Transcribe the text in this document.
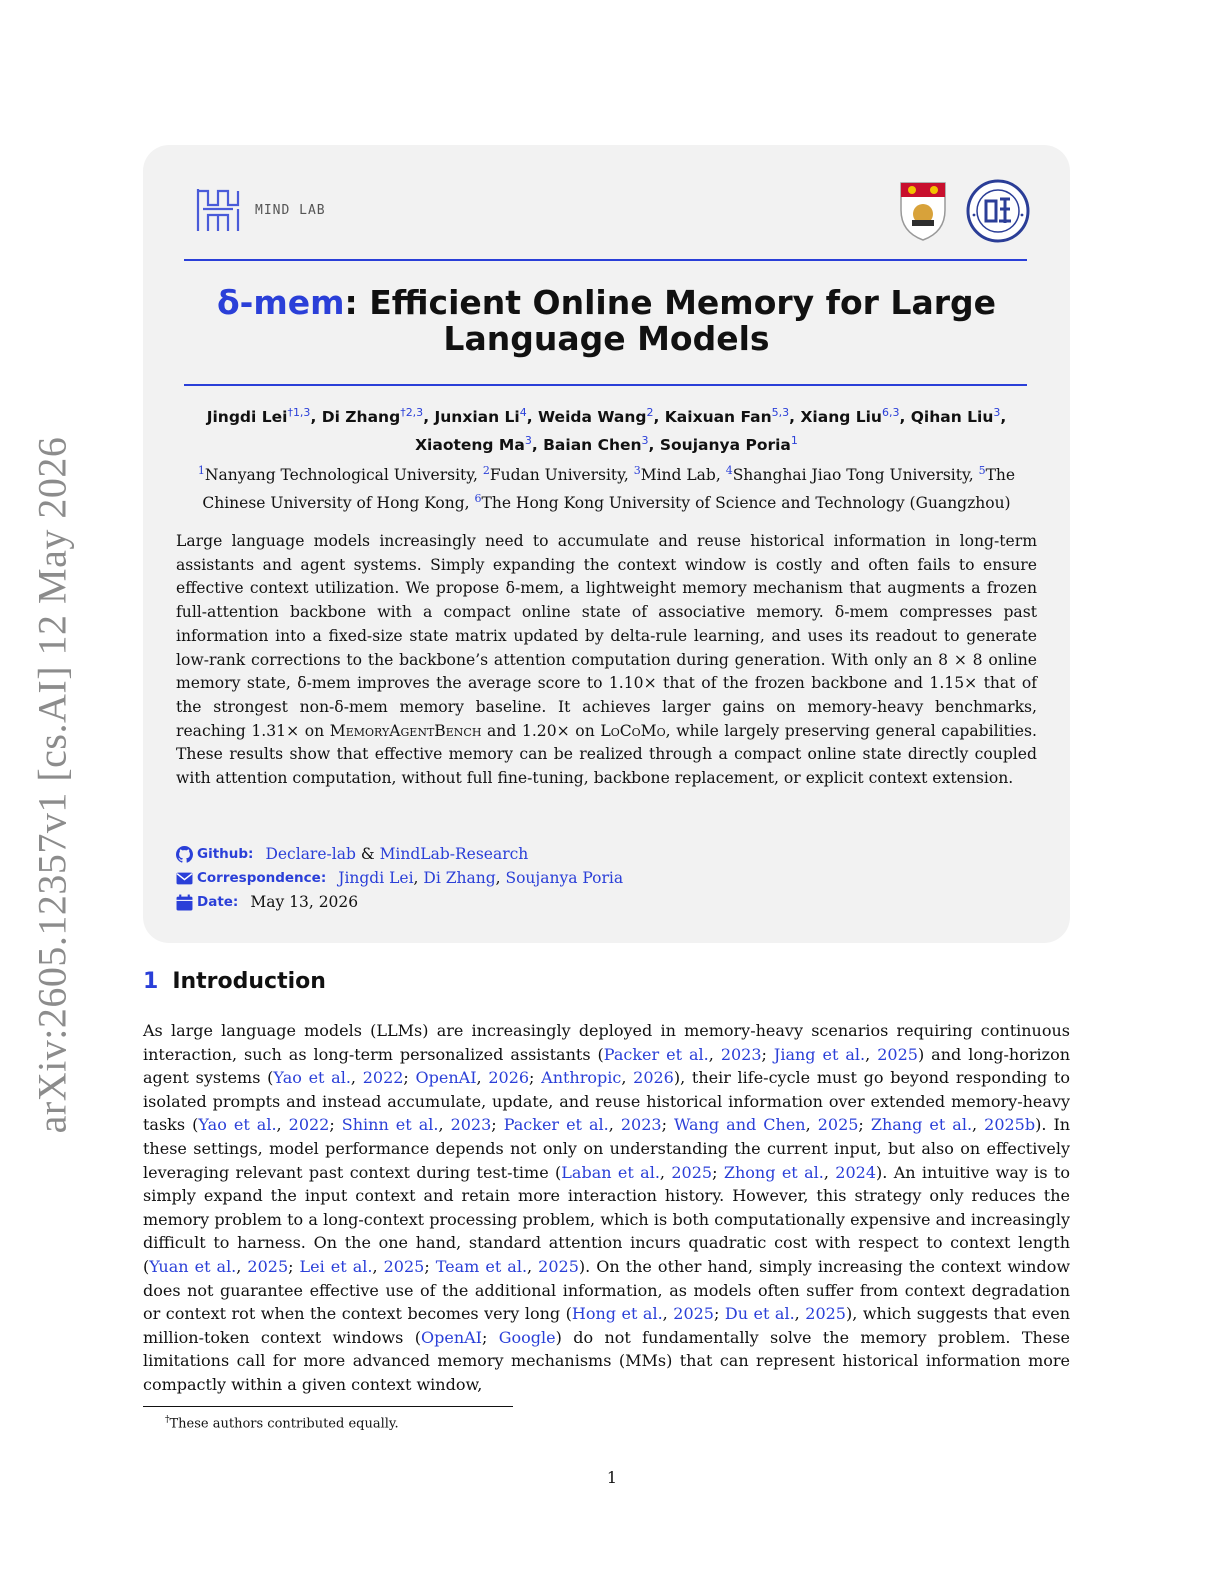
arXiv:2605.12357v1 [cs.AI] 12 May 2026
MIND LAB
δ-mem: Efficient Online Memory for Large Language Models
Jingdi Lei$^{\dagger 1,3}$, Di Zhang$^{\dagger 2,3}$, Junxian Li$^4$, Weida Wang$^2$, Kaixuan Fan$^{5,3}$, Xiang Liu$^{6,3}$, Qihan Liu$^3$,
Xiaoteng Ma$^3$, Baian Chen$^3$, Soujanya Poria$^1$
$^1$Nanyang Technological University, $^2$Fudan University, $^3$Mind Lab, $^4$Shanghai Jiao Tong University, $^5$The Chinese University of Hong Kong, $^6$The Hong Kong University of Science and Technology (Guangzhou)

Large language models increasingly need to accumulate and reuse historical information in long-term assistants and agent systems. Simply expanding the context window is costly and often fails to ensure effective context utilization. We propose δ-mem, a lightweight memory mechanism that augments a frozen full-attention backbone with a compact online state of associative memory. δ-mem compresses past information into a fixed-size state matrix updated by delta-rule learning, and uses its readout to generate low-rank corrections to the backbone’s attention computation during generation. With only an 8 × 8 online memory state, δ-mem improves the average score to 1.10× that of the frozen backbone and 1.15× that of the strongest non-δ-mem memory baseline. It achieves larger gains on memory-heavy benchmarks, reaching 1.31× on MemoryAgentBench and 1.20× on LoCoMo, while largely preserving general capabilities. These results show that effective memory can be realized through a compact online state directly coupled with attention computation, without full fine-tuning, backbone replacement, or explicit context extension.

Github: Declare-lab
&
MindLab-Research
Correspondence: Jingdi Lei , Di Zhang , Soujanya Poria
Date: May 13, 2026
1 Introduction

As large language models (LLMs) are increasingly deployed in memory-heavy scenarios requiring continuous interaction, such as long-term personalized assistants (Packer et al., 2023; Jiang et al., 2025) and long-horizon agent systems (Yao et al., 2022; OpenAI, 2026; Anthropic, 2026), their life-cycle must go beyond responding to isolated prompts and instead accumulate, update, and reuse historical information over extended memory-heavy tasks (Yao et al., 2022; Shinn et al., 2023; Packer et al., 2023; Wang and Chen, 2025; Zhang et al., 2025b). In these settings, model performance depends not only on understanding the current input, but also on effectively leveraging relevant past context during test-time (Laban et al., 2025; Zhong et al., 2024). An intuitive way is to simply expand the input context and retain more interaction history. However, this strategy only reduces the memory problem to a long-context processing problem, which is both computationally expensive and increasingly difficult to harness. On the one hand, standard attention incurs quadratic cost with respect to context length (Yuan et al., 2025; Lei et al., 2025; Team et al., 2025). On the other hand, simply increasing the context window does not guarantee effective use of the additional information, as models often suffer from context degradation or context rot when the context becomes very long (Hong et al., 2025; Du et al., 2025), which suggests that even million-token context windows (OpenAI; Google) do not fundamentally solve the memory problem. These limitations call for more advanced memory mechanisms (MMs) that can represent historical information more compactly within a given context window,

†These authors contributed equally.
1
